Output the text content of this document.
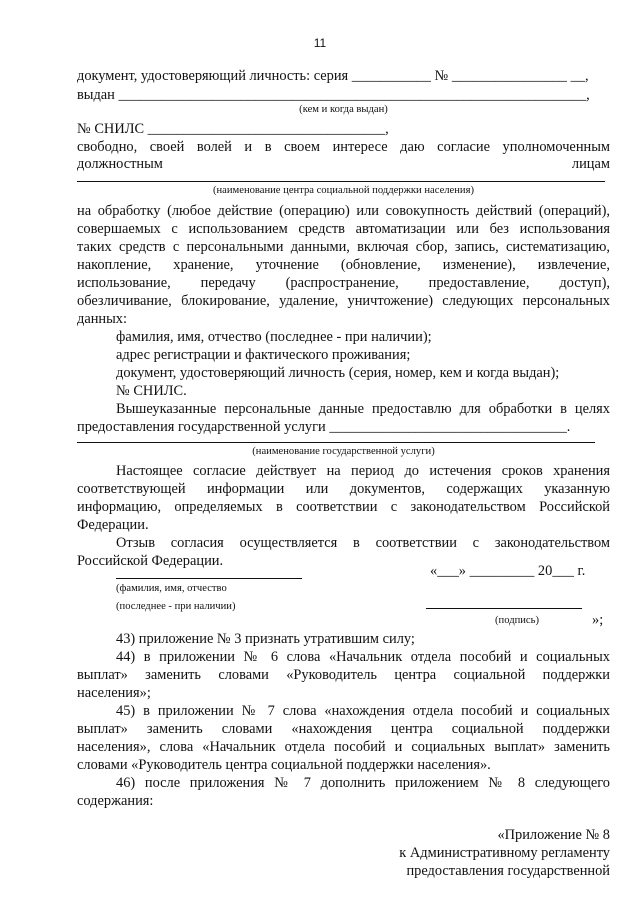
11
документ, удостоверяющий личность: серия ___________ № ________________ __,
выдан _________________________________________________________________,
(кем и когда выдан)
№ СНИЛС _________________________________,
свободно, своей волей и в своем интересе даю согласие уполномоченным
должностным	лицам
(наименование центра социальной поддержки населения)
на обработку (любое действие (операцию) или совокупность действий (операций),
совершаемых с использованием средств автоматизации или без использования
таких средств с персональными данными, включая сбор, запись, систематизацию,
накопление, хранение, уточнение (обновление, изменение), извлечение,
использование, передачу (распространение, предоставление, доступ),
обезличивание, блокирование, удаление, уничтожение) следующих персональных
данных:
фамилия, имя, отчество (последнее - при наличии);
адрес регистрации и фактического проживания;
документ, удостоверяющий личность (серия, номер, кем и когда выдан);
№ СНИЛС.
Вышеуказанные персональные данные предоставлю для обработки в целях
предоставления государственной услуги _________________________________.
(наименование государственной услуги)
Настоящее согласие действует на период до истечения сроков хранения
соответствующей информации или документов, содержащих указанную
информацию, определяемых в соответствии с законодательством Российской
Федерации.
Отзыв согласия осуществляется в соответствии с законодательством
Российской Федерации.
«___» _________ 20___ г.
(фамилия, имя, отчество
(последнее - при наличии)
(подпись)	»;
43) приложение № 3 признать утратившим силу;
44) в приложении № 6 слова «Начальник отдела пособий и социальных
выплат» заменить словами «Руководитель центра социальной поддержки
населения»;
45) в приложении № 7 слова «нахождения отдела пособий и социальных
выплат» заменить словами «нахождения центра социальной поддержки
населения», слова «Начальник отдела пособий и социальных выплат» заменить
словами «Руководитель центра социальной поддержки населения».
46) после приложения № 7 дополнить приложением № 8 следующего
содержания:
«Приложение № 8
к Административному регламенту
предоставления государственной
